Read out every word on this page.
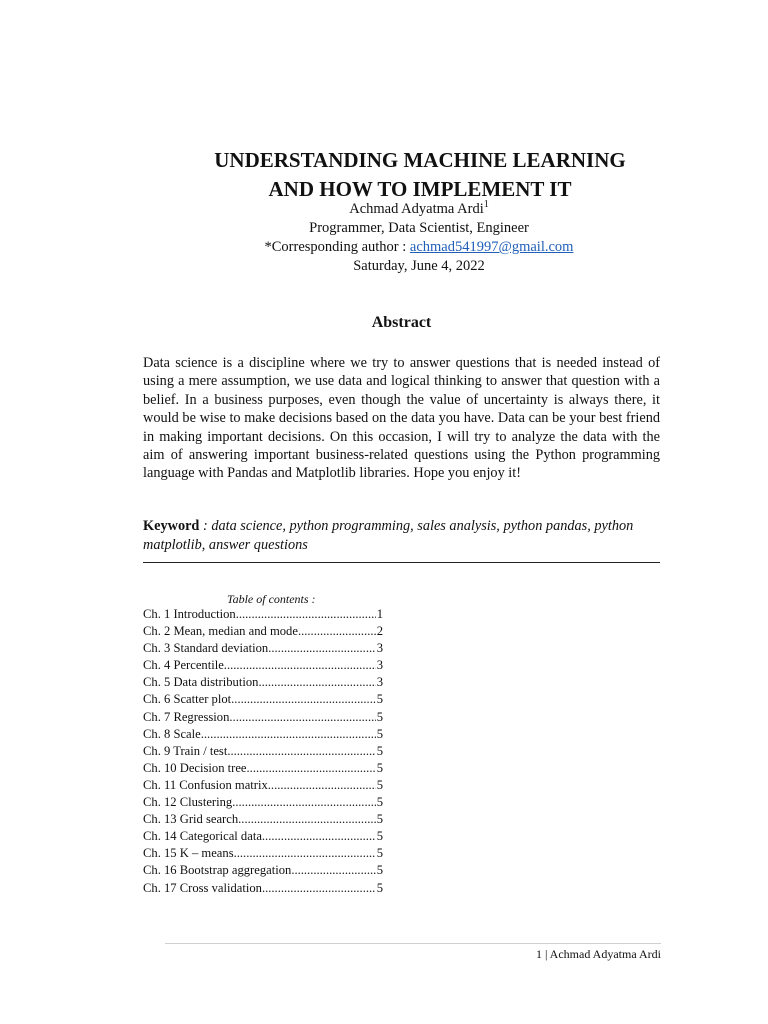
UNDERSTANDING MACHINE LEARNING
AND HOW TO IMPLEMENT IT
Achmad Adyatma Ardi$^1$
Programmer, Data Scientist, Engineer
*Corresponding author : achmad541997@gmail.com
Saturday, June 4, 2022
Abstract
Data science is a discipline where we try to answer questions that is needed instead of using a mere assumption, we use data and logical thinking to answer that question with a belief. In a business purposes, even though the value of uncertainty is always there, it would be wise to make decisions based on the data you have. Data can be your best friend in making important decisions. On this occasion, I will try to analyze the data with the aim of answering important business-related questions using the Python programming language with Pandas and Matplotlib libraries. Hope you enjoy it!
Keyword : data science, python programming, sales analysis, python pandas, python matplotlib, answer questions
Table of contents :
Ch. 1 Introduction .....	1
Ch. 2 Mean, median and mode .....	2
Ch. 3 Standard deviation .....	3
Ch. 4 Percentile .....	3
Ch. 5 Data distribution .....	3
Ch. 6 Scatter plot .....	5
Ch. 7 Regression .....	5
Ch. 8 Scale .....	5
Ch. 9 Train / test .....	5
Ch. 10 Decision tree .....	5
Ch. 11 Confusion matrix .....	5
Ch. 12 Clustering .....	5
Ch. 13 Grid search .....	5
Ch. 14 Categorical data .....	5
Ch. 15 K – means .....	5
Ch. 16 Bootstrap aggregation .....	5
Ch. 17 Cross validation .....	5
1 | Achmad Adyatma Ardi
